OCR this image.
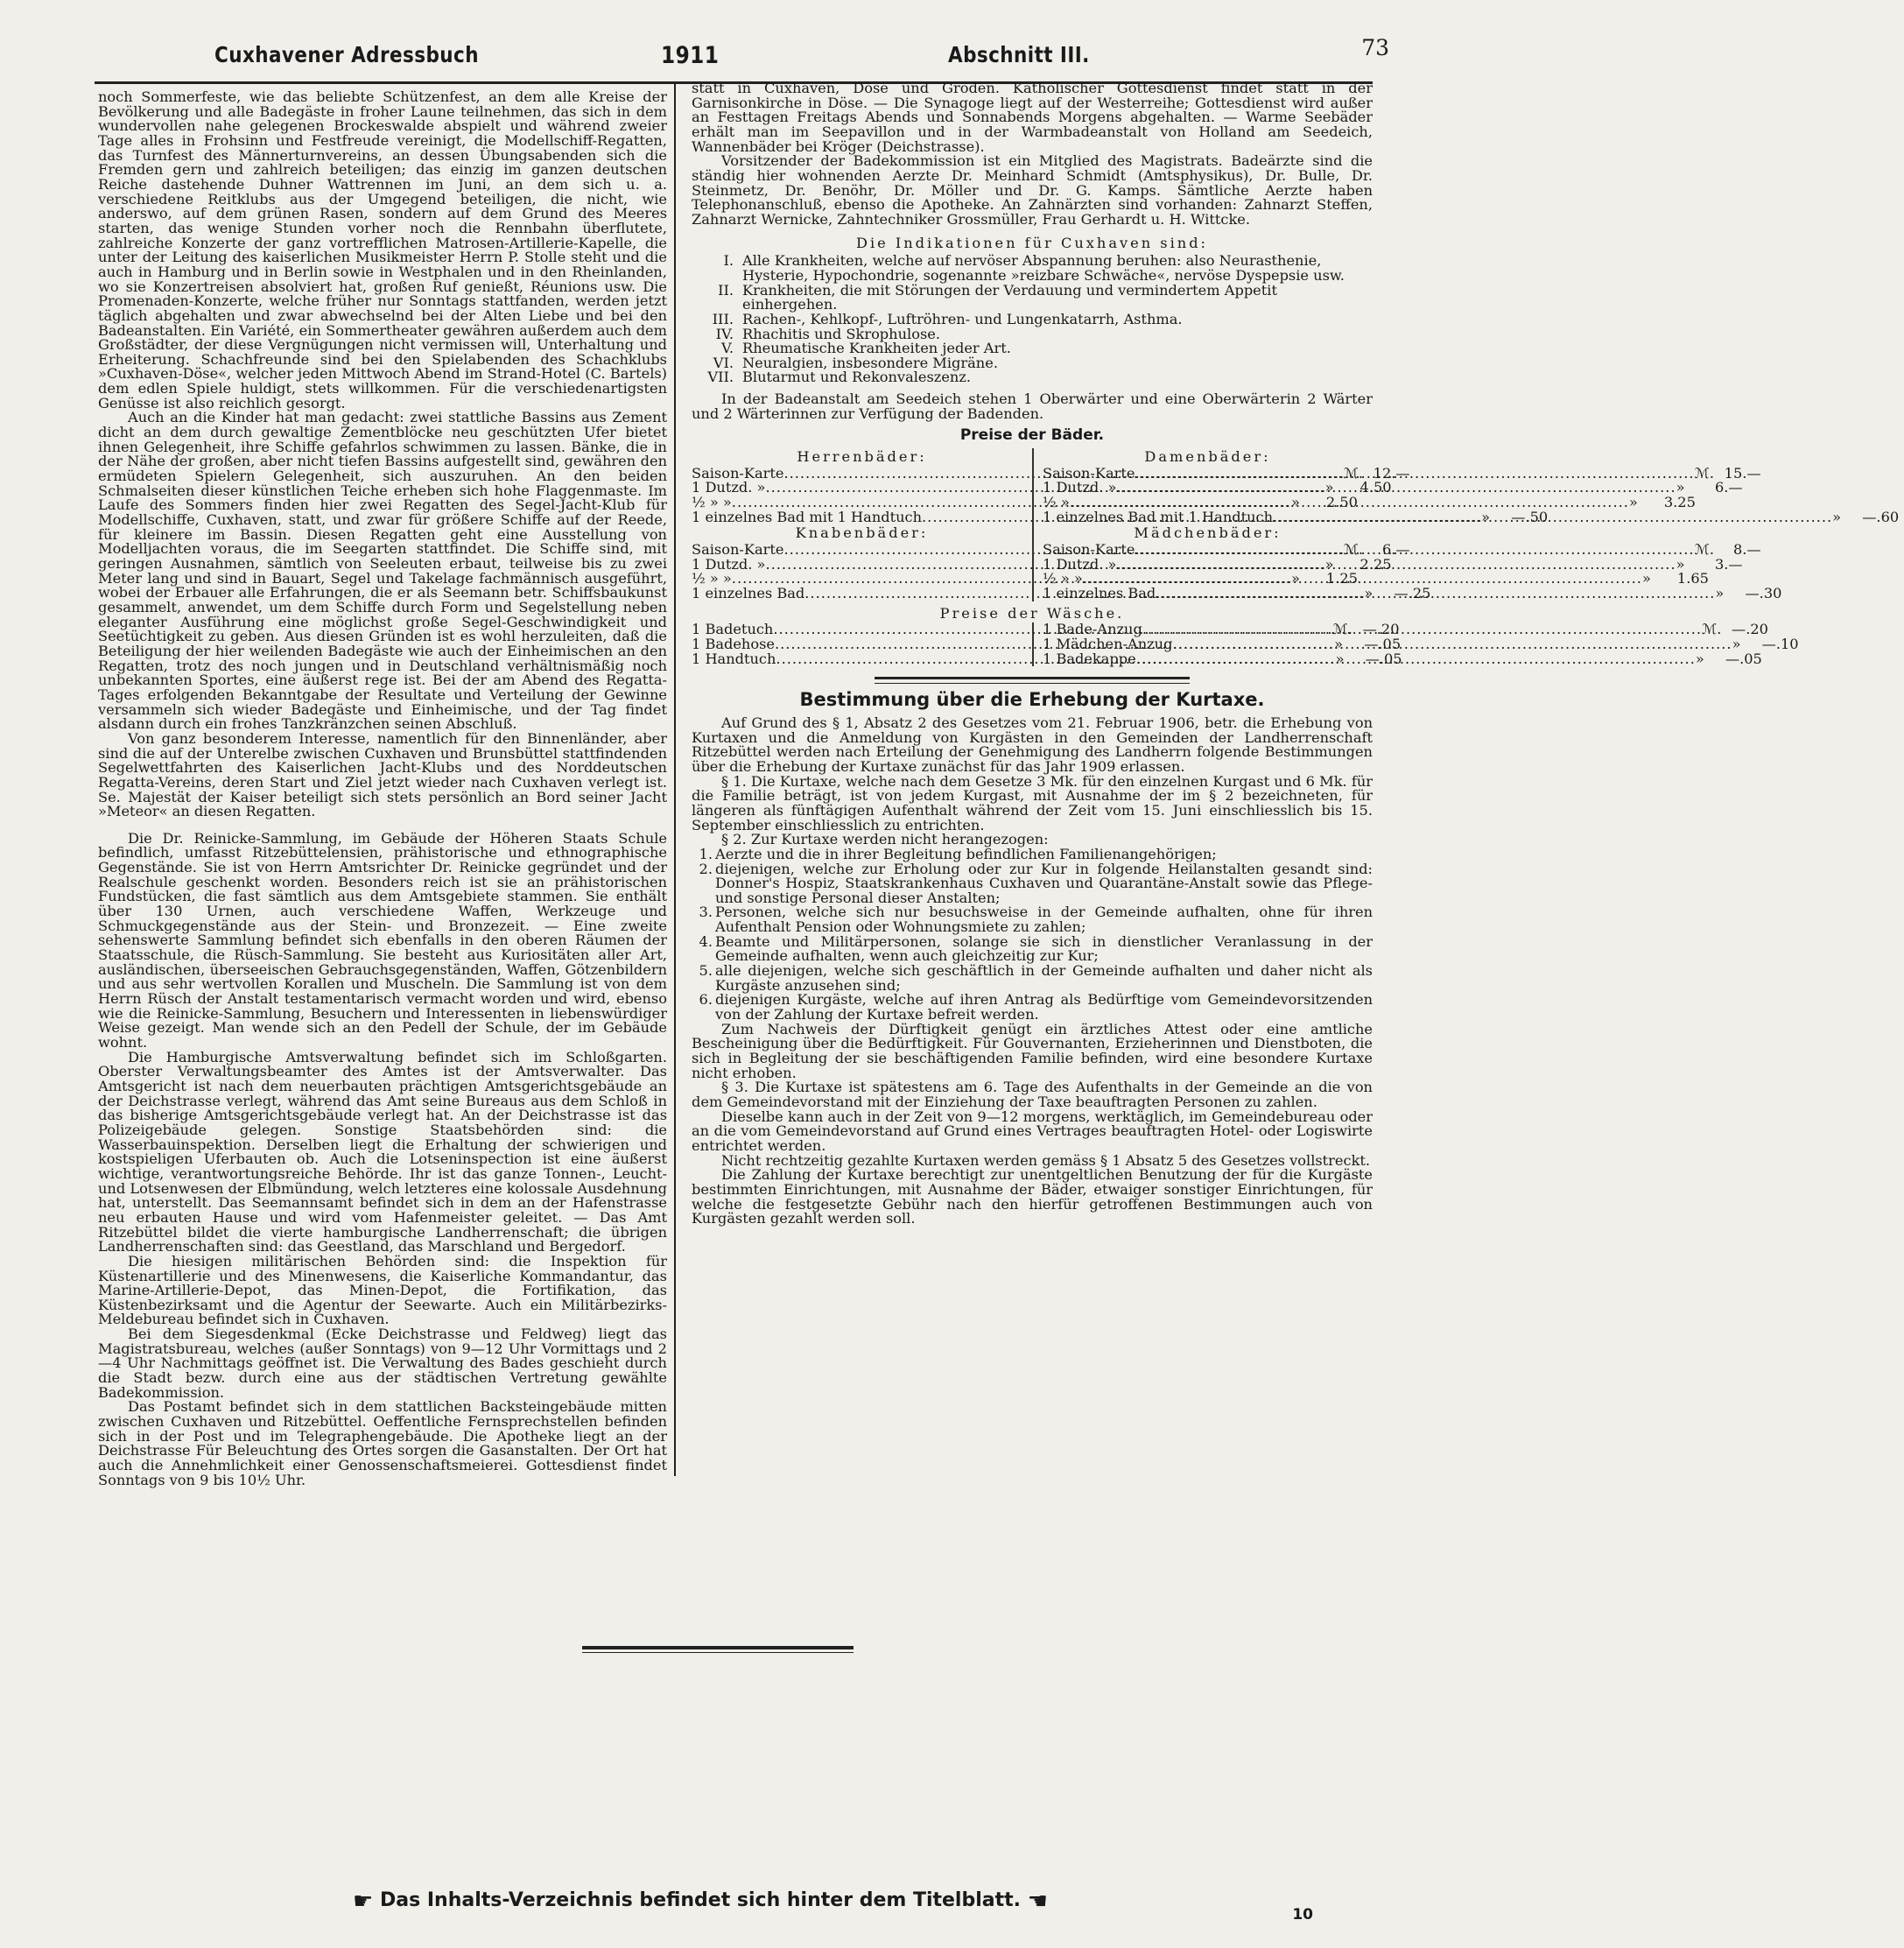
Cuxhavener Adressbuch	1911	Abschnitt III.	73

noch Sommerfeste, wie das beliebte Schützenfest, an dem alle Kreise der Bevölkerung und alle Badegäste in froher Laune teilnehmen, das sich in dem wundervollen nahe gelegenen Brockeswalde abspielt und während zweier Tage alles in Frohsinn und Festfreude vereinigt, die Modellschiff-Regatten, das Turnfest des Männerturnvereins, an dessen Übungsabenden sich die Fremden gern und zahlreich beteiligen; das einzig im ganzen deutschen Reiche dastehende Duhner Wattrennen im Juni, an dem sich u. a. verschiedene Reitklubs aus der Umgegend beteiligen, die nicht, wie anderswo, auf dem grünen Rasen, sondern auf dem Grund des Meeres starten, das wenige Stunden vorher noch die Rennbahn überflutete, zahlreiche Konzerte der ganz vortrefflichen Matrosen-Artillerie-Kapelle, die unter der Leitung des kaiserlichen Musikmeister Herrn P. Stolle steht und die auch in Hamburg und in Berlin sowie in Westphalen und in den Rheinlanden, wo sie Konzertreisen absolviert hat, großen Ruf genießt, Réunions usw. Die Promenaden-Konzerte, welche früher nur Sonntags stattfanden, werden jetzt täglich abgehalten und zwar abwechselnd bei der Alten Liebe und bei den Badeanstalten. Ein Variété, ein Sommertheater gewähren außerdem auch dem Großstädter, der diese Vergnügungen nicht vermissen will, Unterhaltung und Erheiterung. Schachfreunde sind bei den Spielabenden des Schachklubs »Cuxhaven-Döse«, welcher jeden Mittwoch Abend im Strand-Hotel (C. Bartels) dem edlen Spiele huldigt, stets willkommen. Für die verschiedenartigsten Genüsse ist also reichlich gesorgt.

Auch an die Kinder hat man gedacht: zwei stattliche Bassins aus Zement dicht an dem durch gewaltige Zementblöcke neu geschützten Ufer bietet ihnen Gelegenheit, ihre Schiffe gefahrlos schwimmen zu lassen. Bänke, die in der Nähe der großen, aber nicht tiefen Bassins aufgestellt sind, gewähren den ermüdeten Spielern Gelegenheit, sich auszuruhen. An den beiden Schmalseiten dieser künstlichen Teiche erheben sich hohe Flaggenmaste. Im Laufe des Sommers finden hier zwei Regatten des Segel-Jacht-Klub für Modellschiffe, Cuxhaven, statt, und zwar für größere Schiffe auf der Reede, für kleinere im Bassin. Diesen Regatten geht eine Ausstellung von Modelljachten voraus, die im Seegarten stattfindet. Die Schiffe sind, mit geringen Ausnahmen, sämtlich von Seeleuten erbaut, teilweise bis zu zwei Meter lang und sind in Bauart, Segel und Takelage fachmännisch ausgeführt, wobei der Erbauer alle Erfahrungen, die er als Seemann betr. Schiffsbaukunst gesammelt, anwendet, um dem Schiffe durch Form und Segelstellung neben eleganter Ausführung eine möglichst große Segel-Geschwindigkeit und Seetüchtigkeit zu geben. Aus diesen Gründen ist es wohl herzuleiten, daß die Beteiligung der hier weilenden Badegäste wie auch der Einheimischen an den Regatten, trotz des noch jungen und in Deutschland verhältnismäßig noch unbekannten Sportes, eine äußerst rege ist. Bei der am Abend des Regatta-Tages erfolgenden Bekanntgabe der Resultate und Verteilung der Gewinne versammeln sich wieder Badegäste und Einheimische, und der Tag findet alsdann durch ein frohes Tanzkränzchen seinen Abschluß.

Von ganz besonderem Interesse, namentlich für den Binnenländer, aber sind die auf der Unterelbe zwischen Cuxhaven und Brunsbüttel stattfindenden Segelwettfahrten des Kaiserlichen Jacht-Klubs und des Norddeutschen Regatta-Vereins, deren Start und Ziel jetzt wieder nach Cuxhaven verlegt ist. Se. Majestät der Kaiser beteiligt sich stets persönlich an Bord seiner Jacht »Meteor« an diesen Regatten.

Die Dr. Reinicke-Sammlung, im Gebäude der Höheren Staats Schule befindlich, umfasst Ritzebüttelensien, prähistorische und ethnographische Gegenstände. Sie ist von Herrn Amtsrichter Dr. Reinicke gegründet und der Realschule geschenkt worden. Besonders reich ist sie an prähistorischen Fundstücken, die fast sämtlich aus dem Amtsgebiete stammen. Sie enthält über 130 Urnen, auch verschiedene Waffen, Werkzeuge und Schmuckgegenstände aus der Stein- und Bronzezeit. — Eine zweite sehenswerte Sammlung befindet sich ebenfalls in den oberen Räumen der Staatsschule, die Rüsch-Sammlung. Sie besteht aus Kuriositäten aller Art, ausländischen, überseeischen Gebrauchsgegenständen, Waffen, Götzenbildern und aus sehr wertvollen Korallen und Muscheln. Die Sammlung ist von dem Herrn Rüsch der Anstalt testamentarisch vermacht worden und wird, ebenso wie die Reinicke-Sammlung, Besuchern und Interessenten in liebenswürdiger Weise gezeigt. Man wende sich an den Pedell der Schule, der im Gebäude wohnt.

Die Hamburgische Amtsverwaltung befindet sich im Schloßgarten. Oberster Verwaltungsbeamter des Amtes ist der Amtsverwalter. Das Amtsgericht ist nach dem neuerbauten prächtigen Amtsgerichtsgebäude an der Deichstrasse verlegt, während das Amt seine Bureaus aus dem Schloß in das bisherige Amtsgerichtsgebäude verlegt hat. An der Deichstrasse ist das Polizeigebäude gelegen. Sonstige Staatsbehörden sind: die Wasserbauinspektion. Derselben liegt die Erhaltung der schwierigen und kostspieligen Uferbauten ob. Auch die Lotseninspection ist eine äußerst wichtige, verantwortungsreiche Behörde. Ihr ist das ganze Tonnen-, Leucht- und Lotsenwesen der Elbmündung, welch letzteres eine kolossale Ausdehnung hat, unterstellt. Das Seemannsamt befindet sich in dem an der Hafenstrasse neu erbauten Hause und wird vom Hafenmeister geleitet. — Das Amt Ritzebüttel bildet die vierte hamburgische Landherrenschaft; die übrigen Landherrenschaften sind: das Geestland, das Marschland und Bergedorf.

Die hiesigen militärischen Behörden sind: die Inspektion für Küstenartillerie und des Minenwesens, die Kaiserliche Kommandantur, das Marine-Artillerie-Depot, das Minen-Depot, die Fortifikation, das Küstenbezirksamt und die Agentur der Seewarte. Auch ein Militärbezirks-Meldebureau befindet sich in Cuxhaven.

Bei dem Siegesdenkmal (Ecke Deichstrasse und Feldweg) liegt das Magistratsbureau, welches (außer Sonntags) von 9—12 Uhr Vormittags und 2—4 Uhr Nachmittags geöffnet ist. Die Verwaltung des Bades geschieht durch die Stadt bezw. durch eine aus der städtischen Vertretung gewählte Badekommission.

Das Postamt befindet sich in dem stattlichen Backsteingebäude mitten zwischen Cuxhaven und Ritzebüttel. Oeffentliche Fernsprechstellen befinden sich in der Post und im Telegraphengebäude. Die Apotheke liegt an der Deichstrasse Für Beleuchtung des Ortes sorgen die Gasanstalten. Der Ort hat auch die Annehmlichkeit einer Genossenschaftsmeierei. Gottesdienst findet Sonntags von 9 bis 10½ Uhr.

statt in Cuxhaven, Döse und Groden. Katholischer Gottesdienst findet statt in der Garnisonkirche in Döse. — Die Synagoge liegt auf der Westerreihe; Gottesdienst wird außer an Festtagen Freitags Abends und Sonnabends Morgens abgehalten. — Warme Seebäder erhält man im Seepavillon und in der Warmbadeanstalt von Holland am Seedeich, Wannenbäder bei Kröger (Deichstrasse).

Vorsitzender der Badekommission ist ein Mitglied des Magistrats. Badeärzte sind die ständig hier wohnenden Aerzte Dr. Meinhard Schmidt (Amtsphysikus), Dr. Bulle, Dr. Steinmetz, Dr. Benöhr, Dr. Möller und Dr. G. Kamps. Sämtliche Aerzte haben Telephonanschluß, ebenso die Apotheke. An Zahnärzten sind vorhanden: Zahnarzt Steffen, Zahnarzt Wernicke, Zahntechniker Grossmüller, Frau Gerhardt u. H. Wittcke.

Die Indikationen für Cuxhaven sind:
I. Alle Krankheiten, welche auf nervöser Abspannung beruhen: also Neurasthenie, Hysterie, Hypochondrie, sogenannte »reizbare Schwäche«, nervöse Dyspepsie usw.
II. Krankheiten, die mit Störungen der Verdauung und vermindertem Appetit einhergehen.
III. Rachen-, Kehlkopf-, Luftröhren- und Lungenkatarrh, Asthma.
IV. Rhachitis und Skrophulose.
V. Rheumatische Krankheiten jeder Art.
VI. Neuralgien, insbesondere Migräne.
VII. Blutarmut und Rekonvaleszenz.

In der Badeanstalt am Seedeich stehen 1 Oberwärter und eine Oberwärterin 2 Wärter und 2 Wärterinnen zur Verfügung der Badenden.

Preise der Bäder.
Herrenbäder:
Saison-Karte .....	ℳ. 12.—
1 Dutzd. » .....	»	4.50
½ » » .....	»	2.50
1 einzelnes Bad mit 1 Handtuch .....	»	—.50
Damenbäder:
Saison-Karte .....	ℳ. 15.—
1 Dutzd. » .....	»	6.—
½ » .....	»	3.25
1 einzelnes Bad mit 1 Handtuch .....	»	—.60
Knabenbäder:
Saison-Karte .....	ℳ.	6.—
1 Dutzd. » .....	»	2.25
½ » » .....	»	1.25
1 einzelnes Bad .....	»	—.25
Mädchenbäder:
Saison-Karte .....	ℳ.	8.—
1 Dutzd. » .....	»	3.—
½ » » .....	»	1.65
1 einzelnes Bad .....	»	—.30
Preise der Wäsche.
1 Badetuch .....	ℳ. —.20
1 Badehose .....	»	—.05
1 Handtuch .....	»	—.05
1 Bade-Anzug .....	ℳ. —.20
1 Mädchen-Anzug .....	»	—.10
1 Badekappe .....	»	—.05
Bestimmung über die Erhebung der Kurtaxe.

Auf Grund des § 1, Absatz 2 des Gesetzes vom 21. Februar 1906, betr. die Erhebung von Kurtaxen und die Anmeldung von Kurgästen in den Gemeinden der Landherrenschaft Ritzebüttel werden nach Erteilung der Genehmigung des Landherrn folgende Bestimmungen über die Erhebung der Kurtaxe zunächst für das Jahr 1909 erlassen.

§ 1. Die Kurtaxe, welche nach dem Gesetze 3 Mk. für den einzelnen Kurgast und 6 Mk. für die Familie beträgt, ist von jedem Kurgast, mit Ausnahme der im § 2 bezeichneten, für längeren als fünftägigen Aufenthalt während der Zeit vom 15. Juni einschliesslich bis 15. September einschliesslich zu entrichten.

§ 2. Zur Kurtaxe werden nicht herangezogen:

1. Aerzte und die in ihrer Begleitung befindlichen Familienangehörigen;
2. diejenigen, welche zur Erholung oder zur Kur in folgende Heilanstalten gesandt sind: Donner's Hospiz, Staatskrankenhaus Cuxhaven und Quarantäne-Anstalt sowie das Pflege- und sonstige Personal dieser Anstalten;
3. Personen, welche sich nur besuchsweise in der Gemeinde aufhalten, ohne für ihren Aufenthalt Pension oder Wohnungsmiete zu zahlen;
4. Beamte und Militärpersonen, solange sie sich in dienstlicher Veranlassung in der Gemeinde aufhalten, wenn auch gleichzeitig zur Kur;
5. alle diejenigen, welche sich geschäftlich in der Gemeinde aufhalten und daher nicht als Kurgäste anzusehen sind;
6. diejenigen Kurgäste, welche auf ihren Antrag als Bedürftige vom Gemeindevorsitzenden von der Zahlung der Kurtaxe befreit werden.

Zum Nachweis der Dürftigkeit genügt ein ärztliches Attest oder eine amtliche Bescheinigung über die Bedürftigkeit. Für Gouvernanten, Erzieherinnen und Dienstboten, die sich in Begleitung der sie beschäftigenden Familie befinden, wird eine besondere Kurtaxe nicht erhoben.

§ 3. Die Kurtaxe ist spätestens am 6. Tage des Aufenthalts in der Gemeinde an die von dem Gemeindevorstand mit der Einziehung der Taxe beauftragten Personen zu zahlen.

Dieselbe kann auch in der Zeit von 9—12 morgens, werktäglich, im Gemeindebureau oder an die vom Gemeindevorstand auf Grund eines Vertrages beauftragten Hotel- oder Logiswirte entrichtet werden.

Nicht rechtzeitig gezahlte Kurtaxen werden gemäss § 1 Absatz 5 des Gesetzes vollstreckt.

Die Zahlung der Kurtaxe berechtigt zur unentgeltlichen Benutzung der für die Kurgäste bestimmten Einrichtungen, mit Ausnahme der Bäder, etwaiger sonstiger Einrichtungen, für welche die festgesetzte Gebühr nach den hierfür getroffenen Bestimmungen auch von Kurgästen gezahlt werden soll.

☛ Das Inhalts-Verzeichnis befindet sich hinter dem Titelblatt. ☚	10
